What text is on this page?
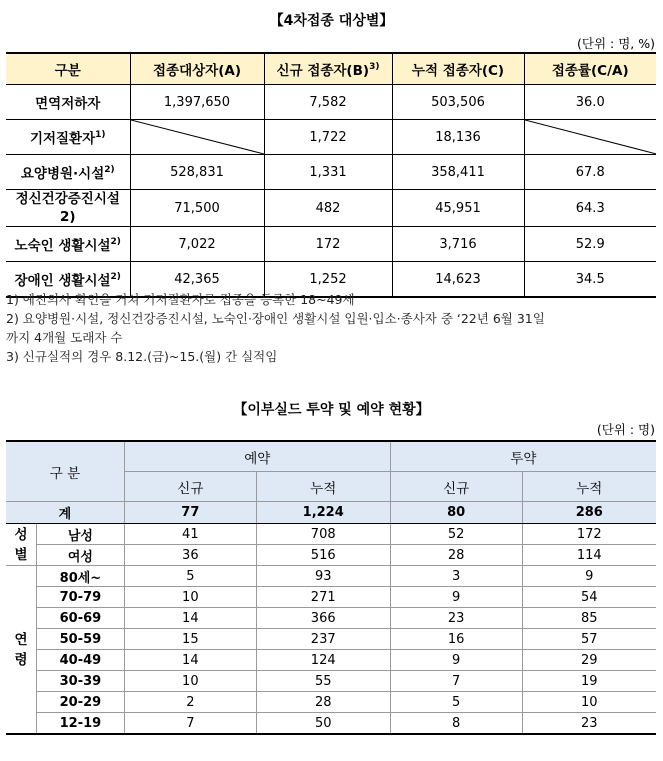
【4차접종 대상별】
(단위 : 명, %)
구분	접종대상자(A)	신규 접종자$(B)^{3)}$	누적 접종자(C)	접종률(C/A)
면역저하자	1,397,650	7,582	503,506	36.0
기저질환자$^{1)}$		1,722	18,136	

요양병원·시설$^{2)}$	528,831	1,331	358,411	67.8
정신건강증진시설
2)	71,500	482	45,951	64.3
노숙인 생활시설$^{2)}$	7,022	172	3,716	52.9
장애인 생활시설$^{2)}$	42,365	1,252	14,623	34.5
1) 예진의사 확인을 거쳐 기저질환자로 접종을 등록한 18~49세
2) 요양병원·시설, 정신건강증진시설, 노숙인·장애인 생활시설 입원·입소·종사자 중 ‘22년 6월 31일
까지 4개월 도래자 수
3) 신규실적의 경우 8.12.(금)~15.(월) 간 실적임
【이부실드 투약 및 예약 현황】
(단위 : 명)
구 분		예약		투약	
		신규	누적	신규	누적
계		77	1,224	80	286
성
별	남성	41	708	52	172
	여성	36	516	28	114
연
령	80세~	5	93	3	9
	70-79	10	271	9	54
	60-69	14	366	23	85
	50-59	15	237	16	57
	40-49	14	124	9	29
	30-39	10	55	7	19
	20-29	2	28	5	10
	12-19	7	50	8	23
